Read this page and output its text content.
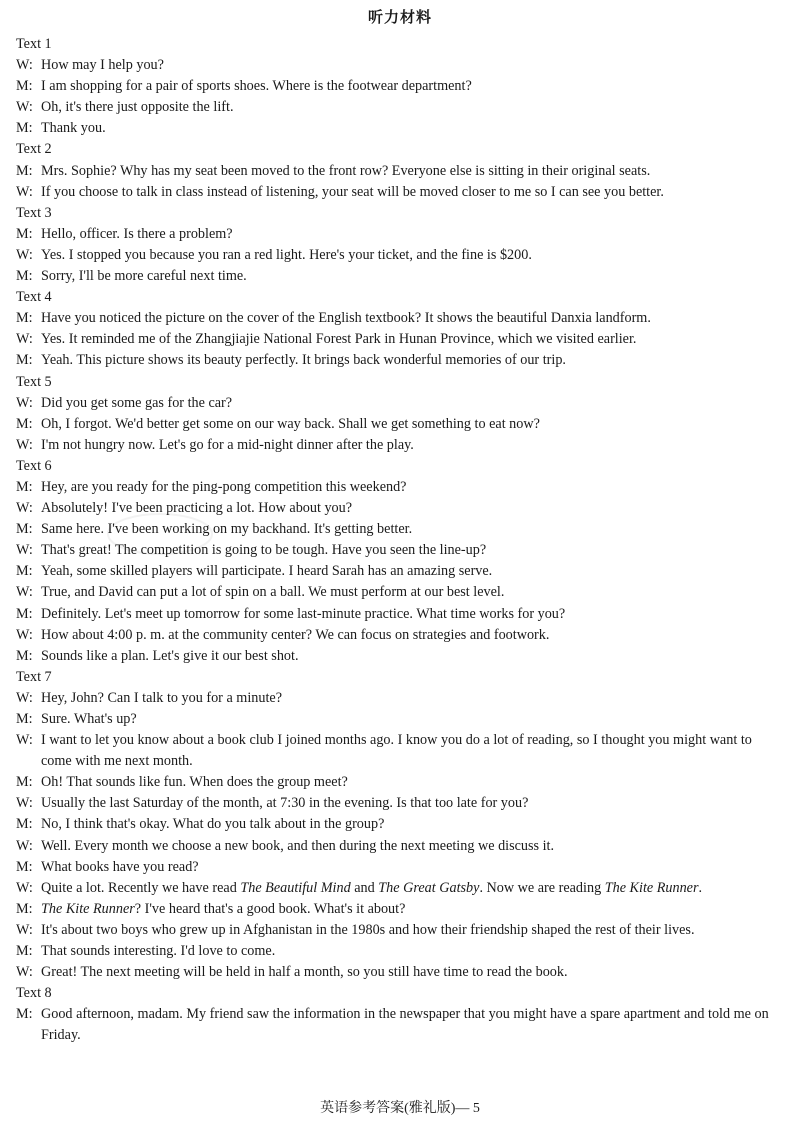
听力材料
Text 1
W: How may I help you?
M: I am shopping for a pair of sports shoes. Where is the footwear department?
W: Oh, it's there just opposite the lift.
M: Thank you.
Text 2
M: Mrs. Sophie? Why has my seat been moved to the front row? Everyone else is sitting in their original seats.
W: If you choose to talk in class instead of listening, your seat will be moved closer to me so I can see you better.
Text 3
M: Hello, officer. Is there a problem?
W: Yes. I stopped you because you ran a red light. Here's your ticket, and the fine is $200.
M: Sorry, I'll be more careful next time.
Text 4
M: Have you noticed the picture on the cover of the English textbook? It shows the beautiful Danxia landform.
W: Yes. It reminded me of the Zhangjiajie National Forest Park in Hunan Province, which we visited earlier.
M: Yeah. This picture shows its beauty perfectly. It brings back wonderful memories of our trip.
Text 5
W: Did you get some gas for the car?
M: Oh, I forgot. We'd better get some on our way back. Shall we get something to eat now?
W: I'm not hungry now. Let's go for a mid-night dinner after the play.
Text 6
M: Hey, are you ready for the ping-pong competition this weekend?
W: Absolutely! I've been practicing a lot. How about you?
M: Same here. I've been working on my backhand. It's getting better.
W: That's great! The competition is going to be tough. Have you seen the line-up?
M: Yeah, some skilled players will participate. I heard Sarah has an amazing serve.
W: True, and David can put a lot of spin on a ball. We must perform at our best level.
M: Definitely. Let's meet up tomorrow for some last-minute practice. What time works for you?
W: How about 4:00 p. m. at the community center? We can focus on strategies and footwork.
M: Sounds like a plan. Let's give it our best shot.
Text 7
W: Hey, John? Can I talk to you for a minute?
M: Sure. What's up?
W: I want to let you know about a book club I joined months ago. I know you do a lot of reading, so I thought you might want to come with me next month.
M: Oh! That sounds like fun. When does the group meet?
W: Usually the last Saturday of the month, at 7:30 in the evening. Is that too late for you?
M: No, I think that's okay. What do you talk about in the group?
W: Well. Every month we choose a new book, and then during the next meeting we discuss it.
M: What books have you read?
W: Quite a lot. Recently we have read The Beautiful Mind and The Great Gatsby. Now we are reading The Kite Runner.
M: The Kite Runner? I've heard that's a good book. What's it about?
W: It's about two boys who grew up in Afghanistan in the 1980s and how their friendship shaped the rest of their lives.
M: That sounds interesting. I'd love to come.
W: Great! The next meeting will be held in half a month, so you still have time to read the book.
Text 8
M: Good afternoon, madam. My friend saw the information in the newspaper that you might have a spare apartment and told me on Friday.
英语参考答案(雅礼版)— 5
